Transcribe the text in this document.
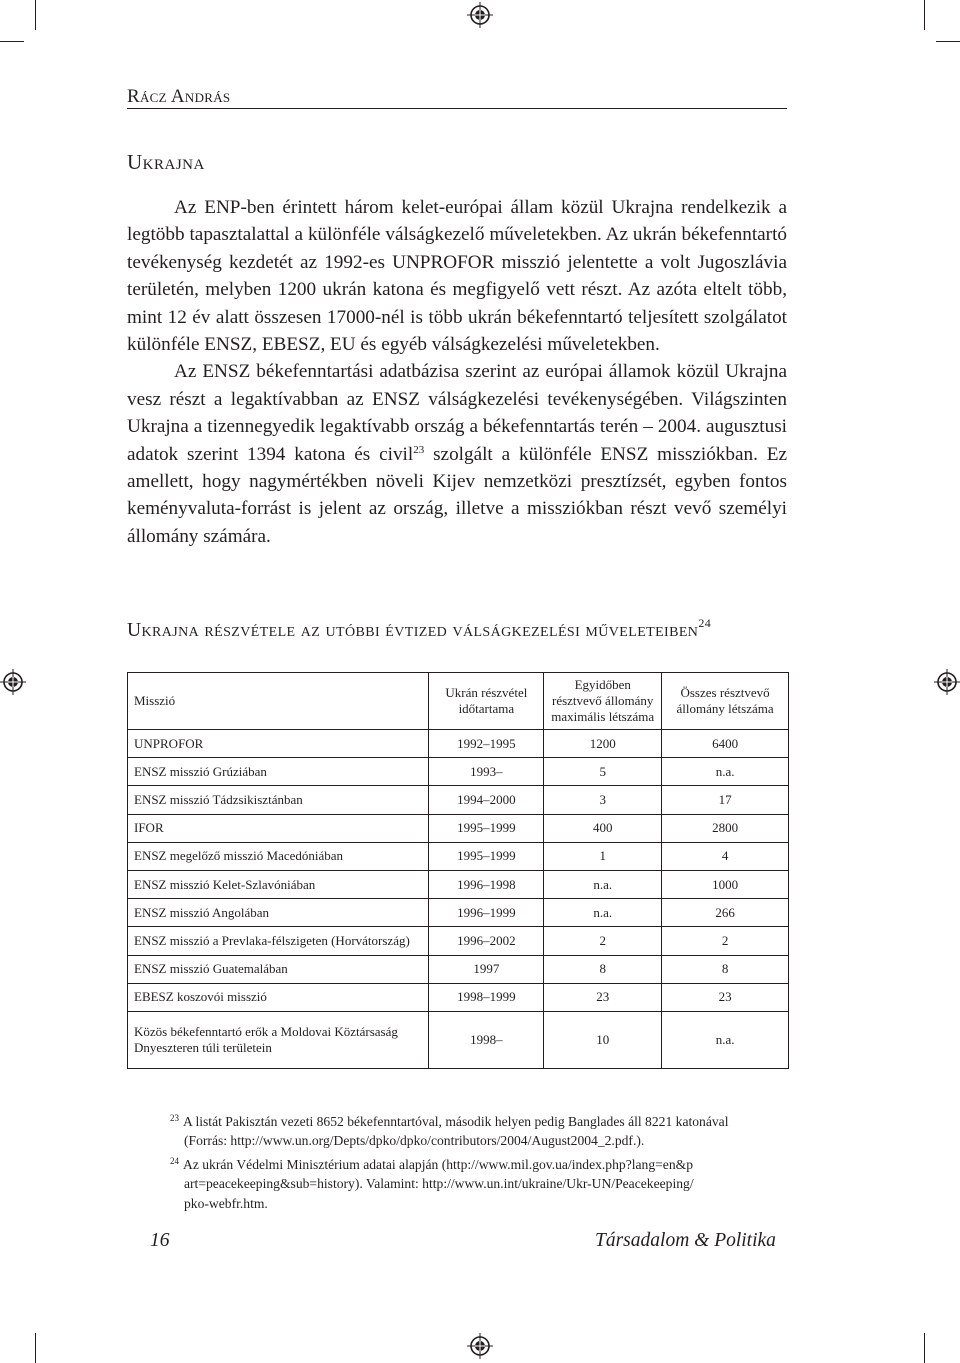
Rácz András
Ukrajna

Az ENP-ben érintett három kelet-európai állam közül Ukrajna rendelkezik a legtöbb tapasztalattal a különféle válságkezelő műveletekben. Az ukrán békefenntartó tevékenység kezdetét az 1992-es UNPROFOR misszió jelentette a volt Jugoszlávia területén, melyben 1200 ukrán katona és megfigyelő vett részt. Az azóta eltelt több, mint 12 év alatt összesen 17000-nél is több ukrán békefenntartó teljesített szolgálatot különféle ENSZ, EBESZ, EU és egyéb válságkezelési műveletekben.

Az ENSZ békefenntartási adatbázisa szerint az európai államok közül Ukrajna vesz részt a legaktívabban az ENSZ válságkezelési tevékenységében. Világszinten Ukrajna a tizennegyedik legaktívabb ország a békefenntartás terén – 2004. augusztusi adatok szerint 1394 katona és civil$^{23}$ szolgált a különféle ENSZ missziókban. Ez amellett, hogy nagymértékben növeli Kijev nemzetközi presztízsét, egyben fontos keményvaluta-forrást is jelent az ország, illetve a missziókban részt vevő személyi állomány számára.

Ukrajna részvétele az utóbbi évtized válságkezelési műveleteiben$^{24}$
Misszió	Ukrán részvétel időtartama	Egyidőben résztvevő állomány maximális létszáma	Összes résztvevő állomány létszáma
UNPROFOR	1992–1995	1200	6400
ENSZ misszió Grúziában	1993–	5	n.a.
ENSZ misszió Tádzsikisztánban	1994–2000	3	17
IFOR	1995–1999	400	2800
ENSZ megelőző misszió Macedóniában	1995–1999	1	4
ENSZ misszió Kelet-Szlavóniában	1996–1998	n.a.	1000
ENSZ misszió Angolában	1996–1999	n.a.	266
ENSZ misszió a Prevlaka-félszigeten (Horvátország)	1996–2002	2	2
ENSZ misszió Guatemalában	1997	8	8
EBESZ koszovói misszió	1998–1999	23	23
Közös békefenntartó erők a Moldovai Köztársaság Dnyeszteren túli területein	1998–	10	n.a.
$^{23}$ A listát Pakisztán vezeti 8652 békefenntartóval, második helyen pedig Banglades áll 8221 katonával
(Forrás: http://www.un.org/Depts/dpko/dpko/contributors/2004/August2004_2.pdf.).
$^{24}$ Az ukrán Védelmi Minisztérium adatai alapján (http://www.mil.gov.ua/index.php?lang=en&p
art=peacekeeping&sub=history). Valamint: http://www.un.int/ukraine/Ukr-UN/Peacekeeping/
pko-webfr.htm.
16	Társadalom & Politika
